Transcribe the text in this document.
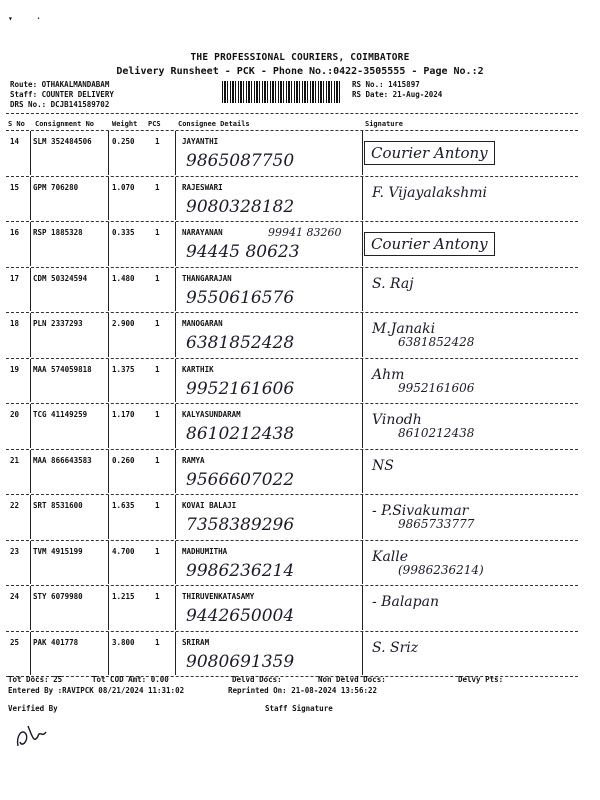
▾	•
THE PROFESSIONAL COURIERS, COIMBATORE
Delivery Runsheet - PCK - Phone No.:0422-3505555 - Page No.:2
Route: OTHAKALMANDABAM
Staff: COUNTER DELIVERY
DRS No.: DCJB141589702
RS No.: 1415897
RS Date: 21-Aug-2024
S No Consignment No	Weight PCS Consignee Details	Signature
14 SLM 352484506	0.250	1	JAYANTHI
9865087750	Courier Antony
15 GPM 706280	1.070	1	RAJESWARI
9080328182
F. Vijayalakshmi
16 RSP 1885328	0.335	1	NARAYANAN
94445 80623
99941 83260
Courier Antony
17 CDM 50324594	1.480	1	THANGARAJAN
9550616576
S. Raj
18 PLN 2337293	2.900	1	MANOGARAN
6381852428
M.Janaki
6381852428
19 MAA 574059818	1.375	1	KARTHIK
9952161606
Ahm
9952161606
20 TCG 41149259	1.170	1	KALYASUNDARAM
8610212438
Vinodh
8610212438
21 MAA 866643583	0.260	1	RAMYA
9566607022
NS
22 SRT 8531600	1.635	1	KOVAI BALAJI
7358389296
- P.Sivakumar
9865733777
23 TVM 4915199	4.700	1	MADHUMITHA
9986236214
Kalle
(9986236214)
24 STY 6079980	1.215	1	THIRUVENKATASAMY
9442650004
- Balapan
25 PAK 401778	3.800	1	SRIRAM
9080691359
S. Sriz
Tot Docs: 25	Tot COD Amt: 0.00	Delvd Docs:	Non Delvd Docs:	Delvy Pts:
Entered By :RAVIPCK 08/21/2024 11:31:02	Reprinted On: 21-08-2024 13:56:22
Verified By	Staff Signature
